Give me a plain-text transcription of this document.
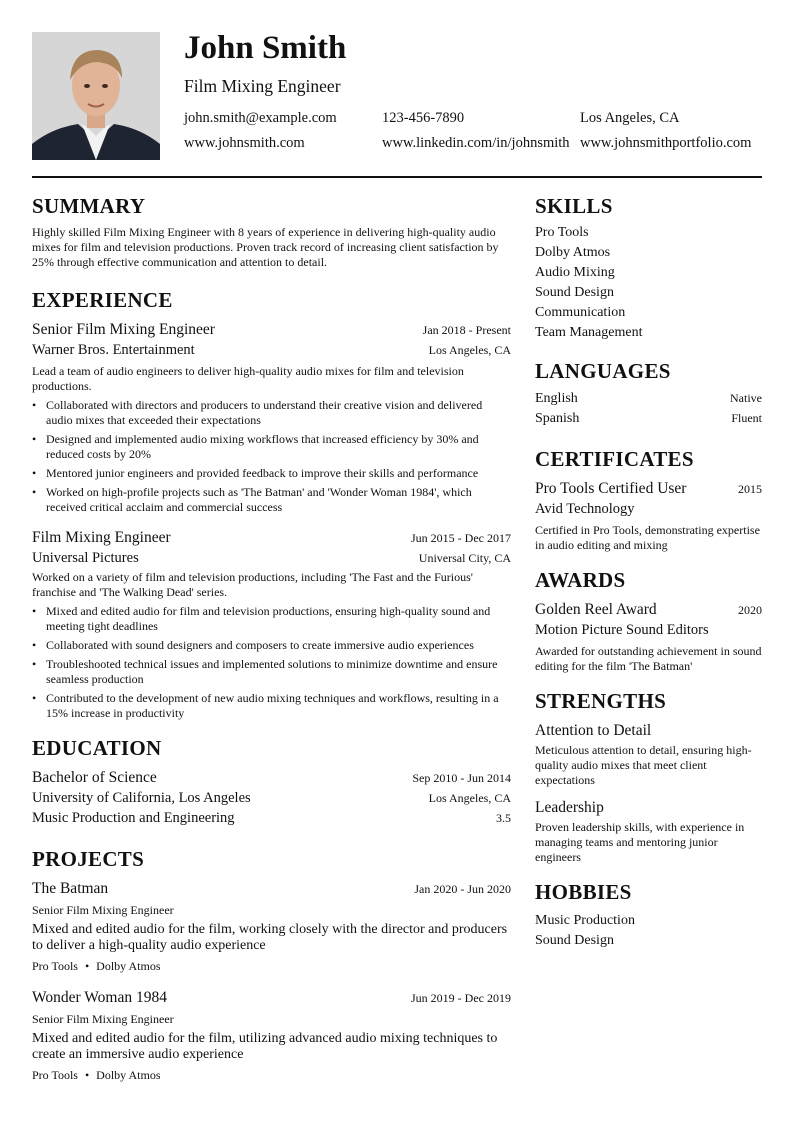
John Smith
Film Mixing Engineer
john.smith@example.com	123-456-7890	Los Angeles, CA
www.johnsmith.com	www.linkedin.com/in/johnsmith www.johnsmithportfolio.com
SUMMARY
Highly skilled Film Mixing Engineer with 8 years of experience in delivering high-quality audio mixes for film and television productions. Proven track record of increasing client satisfaction by 25% through effective communication and attention to detail.
EXPERIENCE
Senior Film Mixing Engineer	Jan 2018 - Present
Warner Bros. Entertainment	Los Angeles, CA
Lead a team of audio engineers to deliver high-quality audio mixes for film and television productions.
• Collaborated with directors and producers to understand their creative vision and delivered audio mixes that exceeded their expectations
• Designed and implemented audio mixing workflows that increased efficiency by 30% and reduced costs by 20%
• Mentored junior engineers and provided feedback to improve their skills and performance
• Worked on high-profile projects such as 'The Batman' and 'Wonder Woman 1984', which received critical acclaim and commercial success
Film Mixing Engineer	Jun 2015 - Dec 2017
Universal Pictures	Universal City, CA
Worked on a variety of film and television productions, including 'The Fast and the Furious' franchise and 'The Walking Dead' series.
• Mixed and edited audio for film and television productions, ensuring high-quality sound and meeting tight deadlines
• Collaborated with sound designers and composers to create immersive audio experiences
• Troubleshooted technical issues and implemented solutions to minimize downtime and ensure seamless production
• Contributed to the development of new audio mixing techniques and workflows, resulting in a 15% increase in productivity
EDUCATION
Bachelor of Science	Sep 2010 - Jun 2014
University of California, Los Angeles	Los Angeles, CA
Music Production and Engineering	3.5
PROJECTS
The Batman	Jan 2020 - Jun 2020
Senior Film Mixing Engineer
Mixed and edited audio for the film, working closely with the director and producers to deliver a high-quality audio experience
Pro Tools • Dolby Atmos
Wonder Woman 1984	Jun 2019 - Dec 2019
Senior Film Mixing Engineer
Mixed and edited audio for the film, utilizing advanced audio mixing techniques to create an immersive audio experience
Pro Tools • Dolby Atmos
SKILLS
Pro Tools
Dolby Atmos
Audio Mixing
Sound Design
Communication
Team Management
LANGUAGES
English	Native
Spanish	Fluent
CERTIFICATES
Pro Tools Certified User	2015
Avid Technology
Certified in Pro Tools, demonstrating expertise in audio editing and mixing
AWARDS
Golden Reel Award	2020
Motion Picture Sound Editors
Awarded for outstanding achievement in sound editing for the film 'The Batman'
STRENGTHS
Attention to Detail
Meticulous attention to detail, ensuring high-quality audio mixes that meet client expectations
Leadership
Proven leadership skills, with experience in managing teams and mentoring junior engineers
HOBBIES
Music Production
Sound Design
